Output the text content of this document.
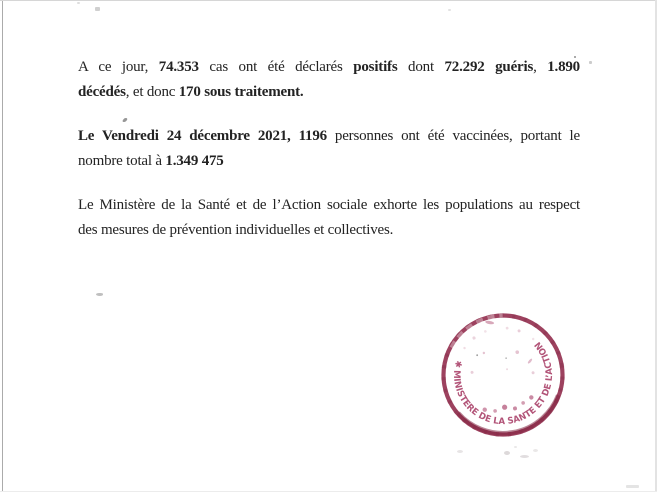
A ce jour, 74.353 cas ont été déclarés positifs dont 72.292 guéris, 1.890
décédés, et donc 170 sous traitement.
Le Vendredi 24 décembre 2021, 1196 personnes ont été vaccinées, portant le
nombre total à 1.349 475
Le Ministère de la Santé et de l’Action sociale exhorte les populations au respect
des mesures de prévention individuelles et collectives.
✱ MINISTERE DE LA SANTE ET DE L’ACTION SOCIALE
